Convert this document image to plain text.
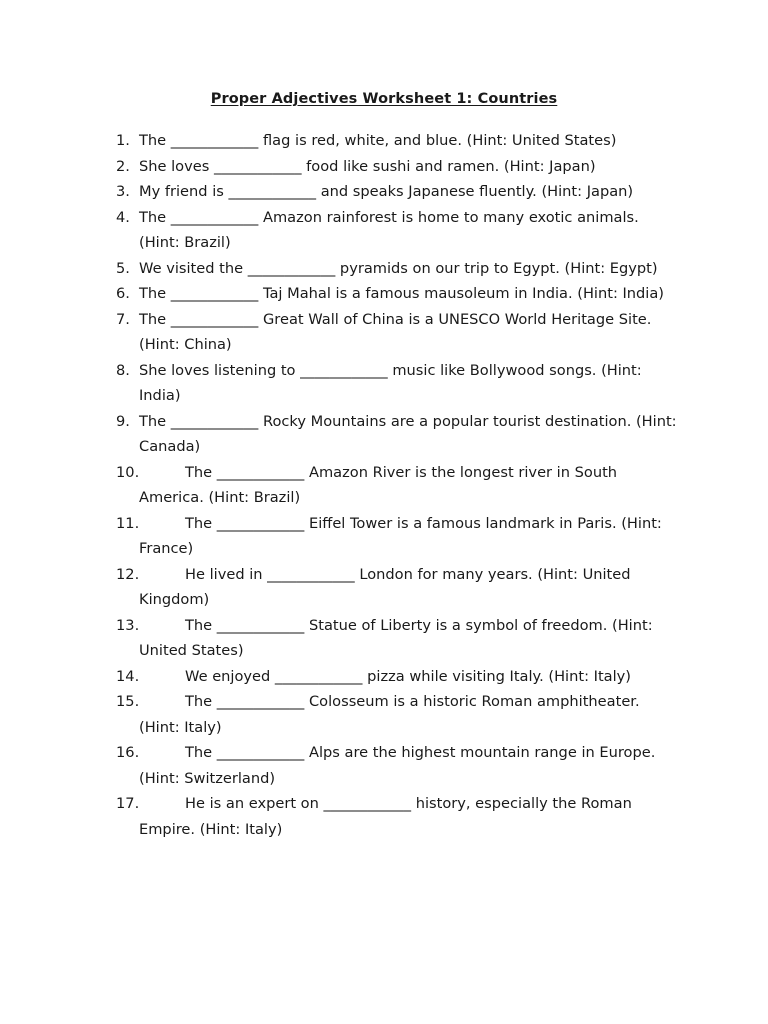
Proper Adjectives Worksheet 1: Countries
1. The ____________ flag is red, white, and blue. (Hint: United States)
2. She loves ____________ food like sushi and ramen. (Hint: Japan)
3. My friend is ____________ and speaks Japanese fluently. (Hint: Japan)
4. The ____________ Amazon rainforest is home to many exotic animals. (Hint: Brazil)
5. We visited the ____________ pyramids on our trip to Egypt. (Hint: Egypt)
6. The ____________ Taj Mahal is a famous mausoleum in India. (Hint: India)
7. The ____________ Great Wall of China is a UNESCO World Heritage Site. (Hint: China)
8. She loves listening to ____________ music like Bollywood songs. (Hint: India)
9. The ____________ Rocky Mountains are a popular tourist destination. (Hint: Canada)
10.	The ____________ Amazon River is the longest river in South America. (Hint: Brazil)
11.	The ____________ Eiffel Tower is a famous landmark in Paris. (Hint: France)
12.	He lived in ____________ London for many years. (Hint: United Kingdom)
13.	The ____________ Statue of Liberty is a symbol of freedom. (Hint: United States)
14.	We enjoyed ____________ pizza while visiting Italy. (Hint: Italy)
15.	The ____________ Colosseum is a historic Roman amphitheater. (Hint: Italy)
16.	The ____________ Alps are the highest mountain range in Europe. (Hint: Switzerland)
17.	He is an expert on ____________ history, especially the Roman Empire. (Hint: Italy)
